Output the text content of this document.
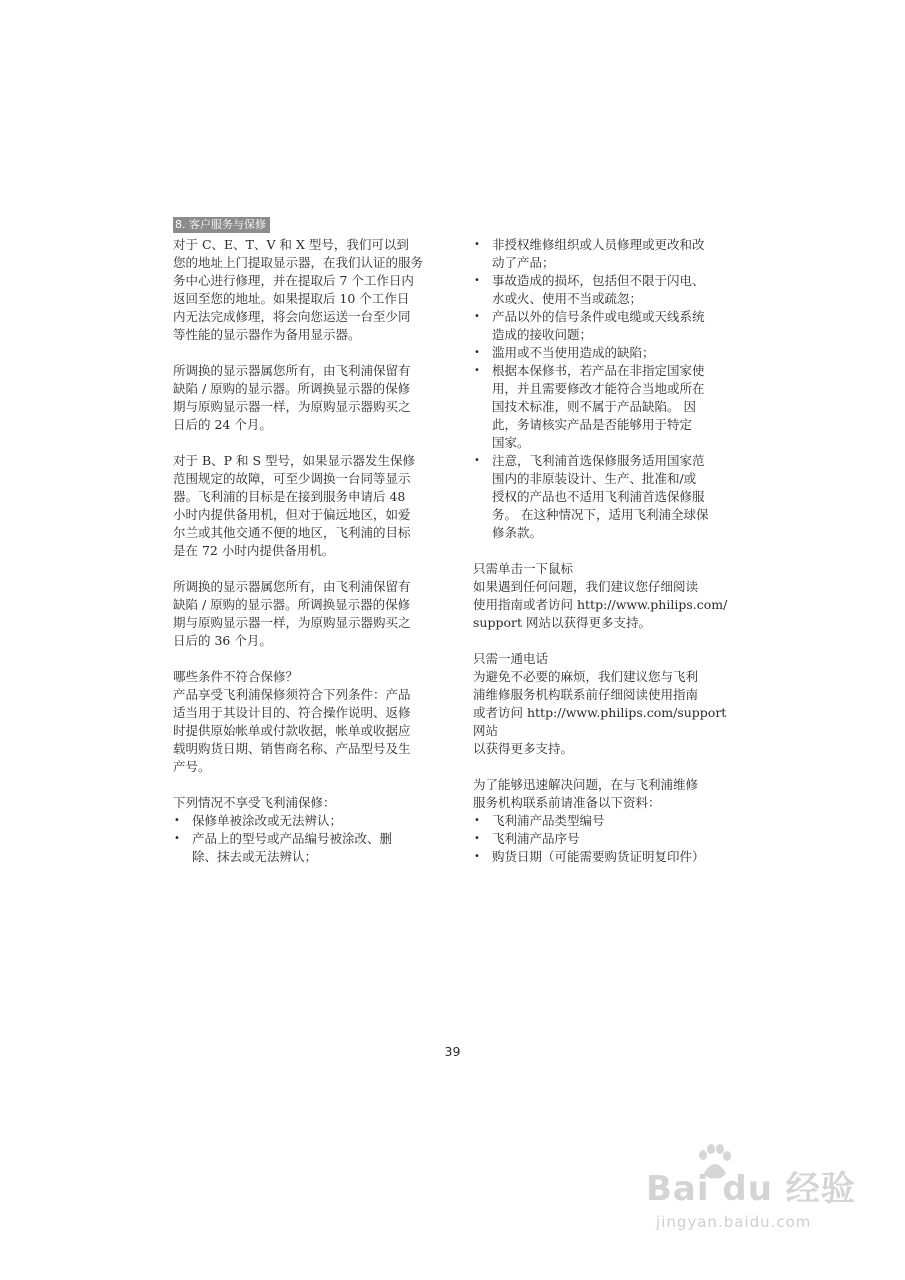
8. 客户服务与保修

对于 C、E、T、V 和 X 型号，我们可以到
您的地址上门提取显示器，在我们认证的服务
务中心进行修理，并在提取后 7 个工作日内
返回至您的地址。如果提取后 10 个工作日
内无法完成修理，将会向您运送一台至少同
等性能的显示器作为备用显示器。

所调换的显示器属您所有，由飞利浦保留有
缺陷 / 原购的显示器。所调换显示器的保修
期与原购显示器一样，为原购显示器购买之
日后的 24 个月。

对于 B、P 和 S 型号，如果显示器发生保修
范围规定的故障，可至少调换一台同等显示
器。飞利浦的目标是在接到服务申请后 48
小时内提供备用机，但对于偏远地区，如爱
尔兰或其他交通不便的地区，飞利浦的目标
是在 72 小时内提供备用机。

所调换的显示器属您所有，由飞利浦保留有
缺陷 / 原购的显示器。所调换显示器的保修
期与原购显示器一样，为原购显示器购买之
日后的 36 个月。

哪些条件不符合保修？

产品享受飞利浦保修须符合下列条件：产品
适当用于其设计目的、符合操作说明、返修
时提供原始帐单或付款收据，帐单或收据应
载明购货日期、销售商名称、产品型号及生
产号。

下列情况不享受飞利浦保修：

• 保修单被涂改或无法辨认；
• 产品上的型号或产品编号被涂改、删
除、抹去或无法辨认；
• 非授权维修组织或人员修理或更改和改
动了产品；
• 事故造成的损坏，包括但不限于闪电、
水或火、使用不当或疏忽；
• 产品以外的信号条件或电缆或天线系统
造成的接收问题；
• 滥用或不当使用造成的缺陷；
• 根据本保修书，若产品在非指定国家使
用，并且需要修改才能符合当地或所在
国技术标准，则不属于产品缺陷。 因
此，务请核实产品是否能够用于特定
国家。
• 注意，飞利浦首选保修服务适用国家范
围内的非原装设计、生产、批准和/或
授权的产品也不适用飞利浦首选保修服
务。 在这种情况下，适用飞利浦全球保
修条款。

只需单击一下鼠标

如果遇到任何问题，我们建议您仔细阅读
使用指南或者访问 http://www.philips.com/
support 网站以获得更多支持。

只需一通电话

为避免不必要的麻烦，我们建议您与飞利
浦维修服务机构联系前仔细阅读使用指南
或者访问 http://www.philips.com/support 网站
以获得更多支持。

为了能够迅速解决问题，在与飞利浦维修
服务机构联系前请准备以下资料：

• 飞利浦产品类型编号
• 飞利浦产品序号
• 购货日期（可能需要购货证明复印件）
39
Bai du 经验
jingyan.baidu.com
